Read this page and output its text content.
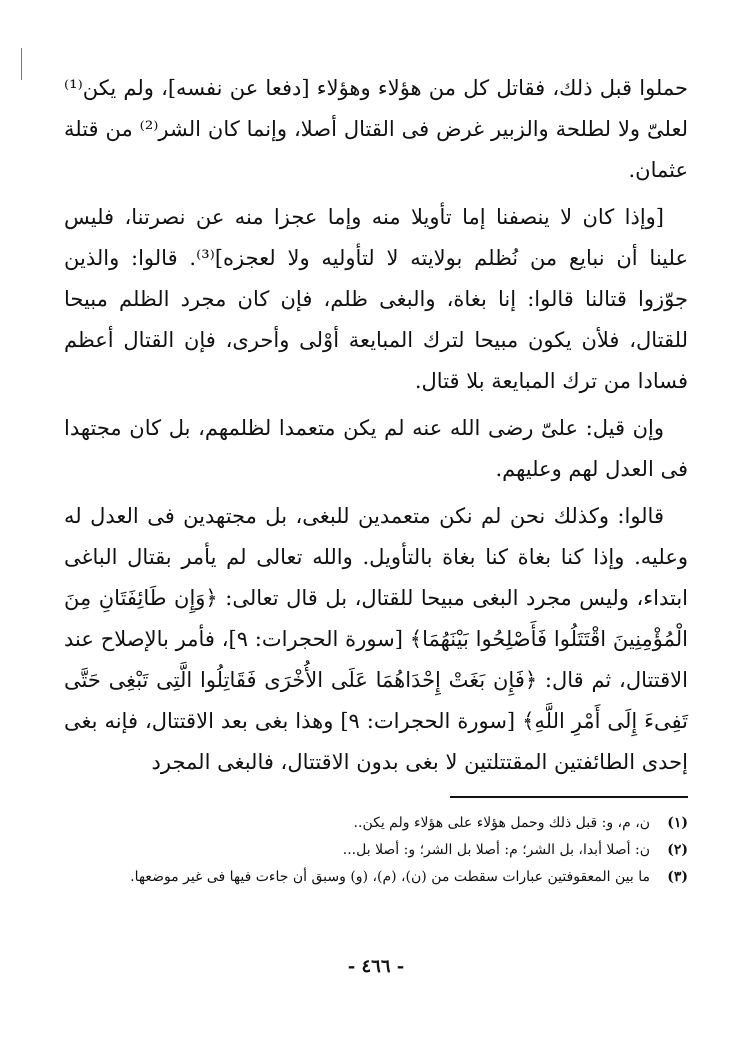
حملوا قبل ذلك، فقاتل كل من هؤلاء وهؤلاء [دفعا عن نفسه]، ولم يكن⁽¹⁾ لعلىّ ولا لطلحة والزبير غرض فى القتال أصلا، وإنما كان الشر⁽²⁾ من قتلة عثمان.

[وإذا كان لا ينصفنا إما تأويلا منه وإما عجزا منه عن نصرتنا، فليس علينا أن نبايع من نُظلم بولايته لا لتأوليه ولا لعجزه]⁽³⁾. قالوا: والذين جوّزوا قتالنا قالوا: إنا بغاة، والبغى ظلم، فإن كان مجرد الظلم مبيحا للقتال، فلأن يكون مبيحا لترك المبايعة أوْلى وأحرى، فإن القتال أعظم فسادا من ترك المبايعة بلا قتال.

وإن قيل: علىّ رضى الله عنه لم يكن متعمدا لظلمهم، بل كان مجتهدا فى العدل لهم وعليهم.

قالوا: وكذلك نحن لم نكن متعمدين للبغى، بل مجتهدين فى العدل له وعليه. وإذا كنا بغاة كنا بغاة بالتأويل. والله تعالى لم يأمر بقتال الباغى ابتداء، وليس مجرد البغى مبيحا للقتال، بل قال تعالى: ﴿وَإِن طَائِفَتَانِ مِنَ الْمُؤْمِنِينَ اقْتَتَلُوا فَأَصْلِحُوا بَيْنَهُمَا﴾ [سورة الحجرات: ٩]، فأمر بالإصلاح عند الاقتتال، ثم قال: ﴿فَإِن بَغَتْ إِحْدَاهُمَا عَلَى الأُخْرَى فَقَاتِلُوا الَّتِى تَبْغِى حَتَّى تَفِىءَ إِلَى أَمْرِ اللَّهِ﴾ [سورة الحجرات: ٩] وهذا بغى بعد الاقتتال، فإنه بغى إحدى الطائفتين المقتتلتين لا بغى بدون الاقتتال، فالبغى المجرد

(١)
ن، م، و: قبل ذلك وحمل هؤلاء على هؤلاء ولم يكن..
(٢)
ن: أصلا أبدا، بل الشر؛ م: أصلا بل الشر؛ و: أصلا بل...
(٣)
ما بين المعقوفتين عبارات سقطت من (ن)، (م)، (و) وسبق أن جاءت فيها فى غير موضعها.
- ٤٦٦ -
